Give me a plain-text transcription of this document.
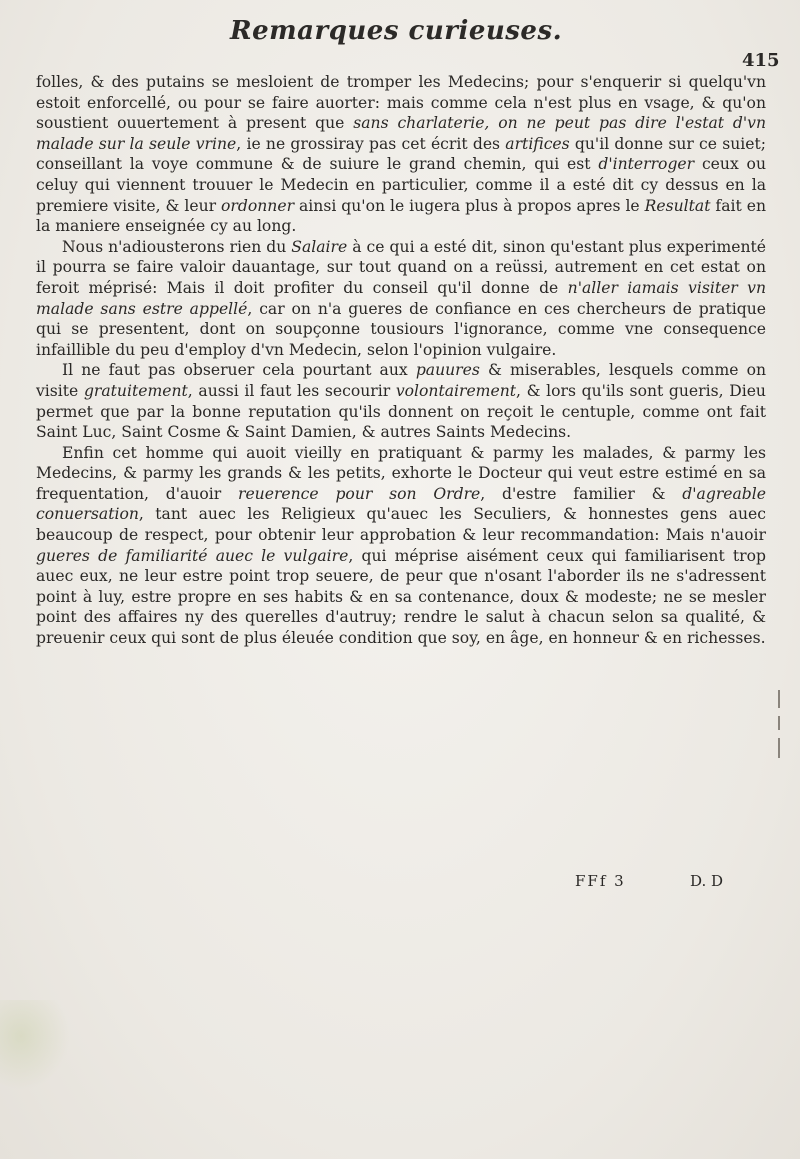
Remarques curieuses.
415

folles, & des putains se mesloient de tromper les Medecins; pour s'enquerir si quelqu'vn estoit enforcellé, ou pour se faire auorter: mais comme cela n'est plus en vsage, & qu'on soustient ouuertement à present que sans charlaterie, on ne peut pas dire l'estat d'vn malade sur la seule vrine, ie ne grossiray pas cet écrit des artifices qu'il donne sur ce suiet; conseillant la voye commune & de suiure le grand chemin, qui est d'interroger ceux ou celuy qui viennent trouuer le Medecin en particulier, comme il a esté dit cy dessus en la premiere visite, & leur ordonner ainsi qu'on le iugera plus à propos apres le Resultat fait en la maniere enseignée cy au long.

Nous n'adiousterons rien du Salaire à ce qui a esté dit, sinon qu'estant plus experimenté il pourra se faire valoir dauantage, sur tout quand on a reüssi, autrement en cet estat on feroit méprisé: Mais il doit profiter du conseil qu'il donne de n'aller iamais visiter vn malade sans estre appellé, car on n'a gueres de confiance en ces chercheurs de pratique qui se presentent, dont on soupçonne tousiours l'ignorance, comme vne consequence infaillible du peu d'employ d'vn Medecin, selon l'opinion vulgaire.

Il ne faut pas obseruer cela pourtant aux pauures & miserables, lesquels comme on visite gratuitement, aussi il faut les secourir volontairement, & lors qu'ils sont gueris, Dieu permet que par la bonne reputation qu'ils donnent on reçoit le centuple, comme ont fait Saint Luc, Saint Cosme & Saint Damien, & autres Saints Medecins.

Enfin cet homme qui auoit vieilly en pratiquant & parmy les malades, & parmy les Medecins, & parmy les grands & les petits, exhorte le Docteur qui veut estre estimé en sa frequentation, d'auoir reuerence pour son Ordre, d'estre familier & d'agreable conuersation, tant auec les Religieux qu'auec les Seculiers, & honnestes gens auec beaucoup de respect, pour obtenir leur approbation & leur recommandation: Mais n'auoir gueres de familiarité auec le vulgaire, qui méprise aisément ceux qui familiarisent trop auec eux, ne leur estre point trop seuere, de peur que n'osant l'aborder ils ne s'adressent point à luy, estre propre en ses habits & en sa contenance, doux & modeste; ne se mesler point des affaires ny des querelles d'autruy; rendre le salut à chacun selon sa qualité, & preuenir ceux qui sont de plus éleuée condition que soy, en âge, en honneur & en richesses.

FFf 3	D. D
